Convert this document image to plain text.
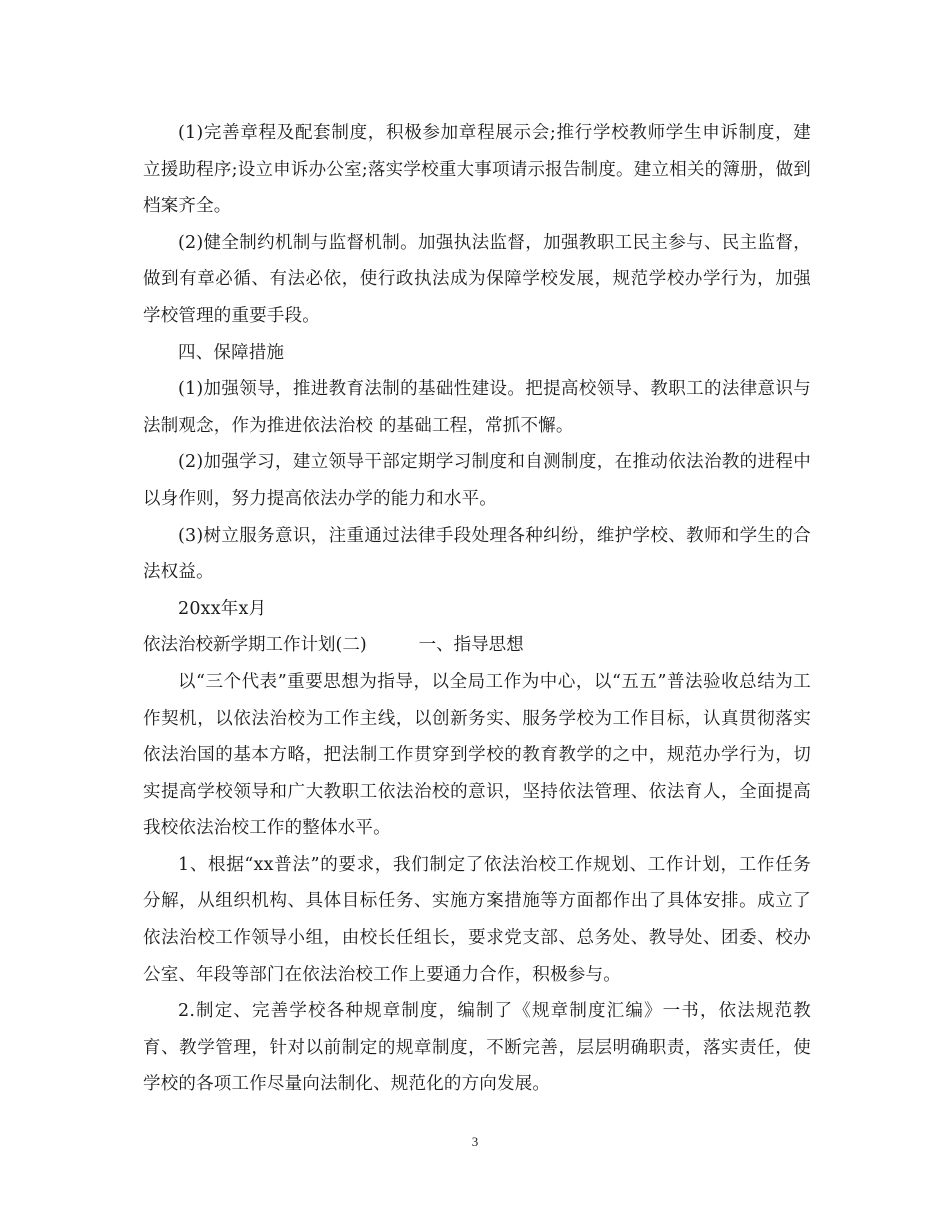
(1)完善章程及配套制度，积极参加章程展示会;推行学校教师学生申诉制度，建立援助程序;设立申诉办公室;落实学校重大事项请示报告制度。建立相关的簿册，做到档案齐全。

(2)健全制约机制与监督机制。加强执法监督，加强教职工民主参与、民主监督，做到有章必循、有法必依，使行政执法成为保障学校发展，规范学校办学行为，加强学校管理的重要手段。

四、保障措施

(1)加强领导，推进教育法制的基础性建设。把提高校领导、教职工的法律意识与法制观念，作为推进依法治校 的基础工程，常抓不懈。

(2)加强学习，建立领导干部定期学习制度和自测制度，在推动依法治教的进程中以身作则，努力提高依法办学的能力和水平。

(3)树立服务意识，注重通过法律手段处理各种纠纷，维护学校、教师和学生的合法权益。

20xx年x月

依法治校新学期工作计划(二)	一、指导思想

以“三个代表”重要思想为指导，以全局工作为中心，以“五五”普法验收总结为工作契机，以依法治校为工作主线，以创新务实、服务学校为工作目标，认真贯彻落实依法治国的基本方略，把法制工作贯穿到学校的教育教学的之中，规范办学行为，切实提高学校领导和广大教职工依法治校的意识，坚持依法管理、依法育人，全面提高我校依法治校工作的整体水平。

1、根据“xx普法”的要求，我们制定了依法治校工作规划、工作计划，工作任务分解，从组织机构、具体目标任务、实施方案措施等方面都作出了具体安排。成立了依法治校工作领导小组，由校长任组长，要求党支部、总务处、教导处、团委、校办公室、年段等部门在依法治校工作上要通力合作，积极参与。

2.制定、完善学校各种规章制度，编制了《规章制度汇编》一书，依法规范教育、教学管理，针对以前制定的规章制度，不断完善，层层明确职责，落实责任，使学校的各项工作尽量向法制化、规范化的方向发展。

3
